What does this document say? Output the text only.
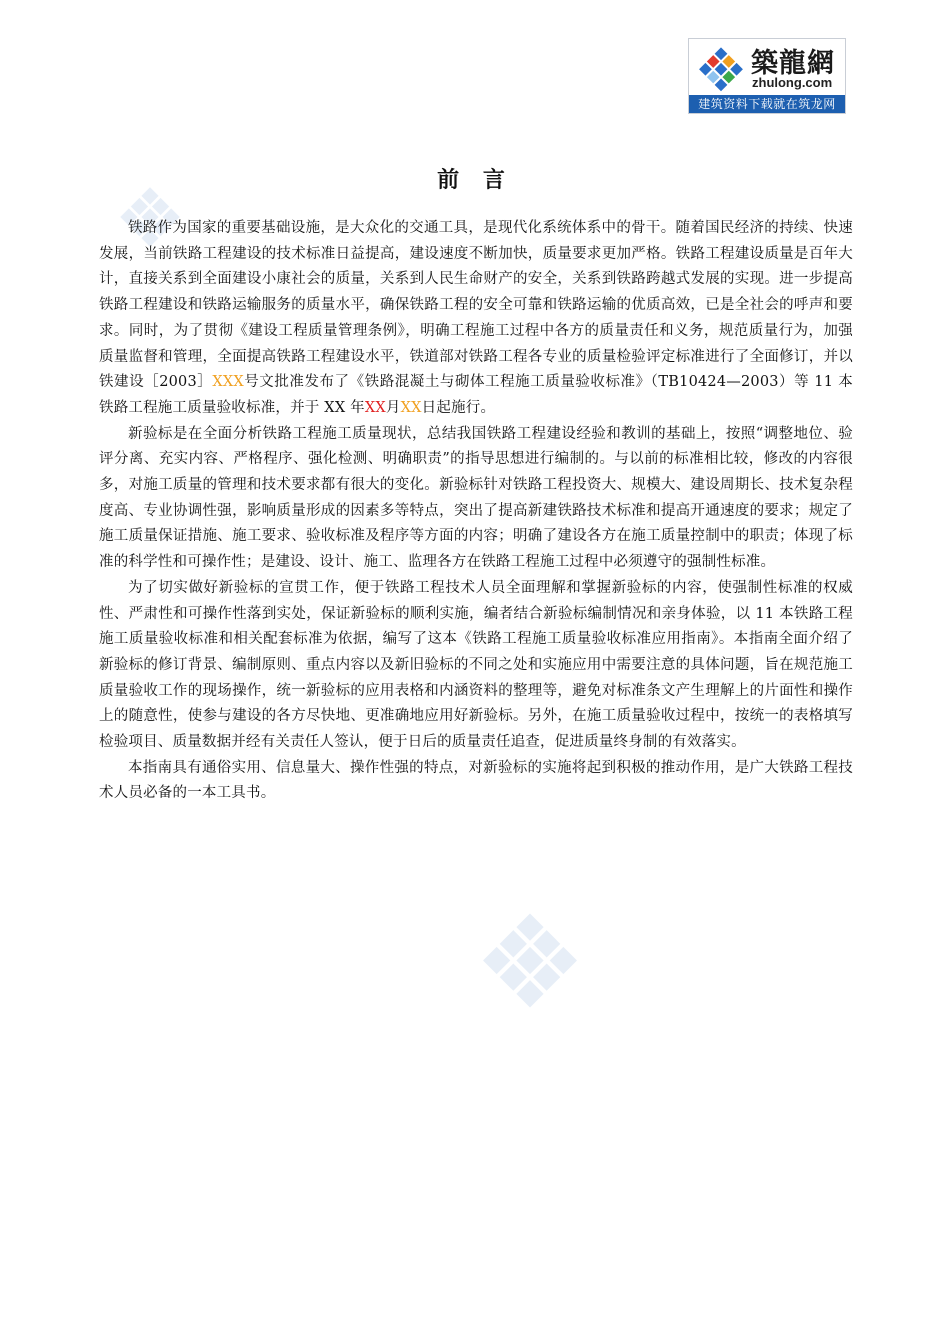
築龍網
zhulong.com
建筑资料下载就在筑龙网
前 言

铁路作为国家的重要基础设施，是大众化的交通工具，是现代化系统体系中的骨干。随着国民经济的持续、快速发展，当前铁路工程建设的技术标准日益提高，建设速度不断加快，质量要求更加严格。铁路工程建设质量是百年大计，直接关系到全面建设小康社会的质量，关系到人民生命财产的安全，关系到铁路跨越式发展的实现。进一步提高铁路工程建设和铁路运输服务的质量水平，确保铁路工程的安全可靠和铁路运输的优质高效，已是全社会的呼声和要求。同时，为了贯彻《建设工程质量管理条例》，明确工程施工过程中各方的质量责任和义务，规范质量行为，加强质量监督和管理，全面提高铁路工程建设水平，铁道部对铁路工程各专业的质量检验评定标准进行了全面修订，并以铁建设［2003］XXX号文批准发布了《铁路混凝土与砌体工程施工质量验收标准》（TB10424—2003）等 11 本铁路工程施工质量验收标准，并于 XX 年XX月XX日起施行。

新验标是在全面分析铁路工程施工质量现状，总结我国铁路工程建设经验和教训的基础上，按照“调整地位、验评分离、充实内容、严格程序、强化检测、明确职责”的指导思想进行编制的。与以前的标准相比较，修改的内容很多，对施工质量的管理和技术要求都有很大的变化。新验标针对铁路工程投资大、规模大、建设周期长、技术复杂程度高、专业协调性强，影响质量形成的因素多等特点，突出了提高新建铁路技术标准和提高开通速度的要求；规定了施工质量保证措施、施工要求、验收标准及程序等方面的内容；明确了建设各方在施工质量控制中的职责；体现了标准的科学性和可操作性；是建设、设计、施工、监理各方在铁路工程施工过程中必须遵守的强制性标准。

为了切实做好新验标的宣贯工作，便于铁路工程技术人员全面理解和掌握新验标的内容，使强制性标准的权威性、严肃性和可操作性落到实处，保证新验标的顺利实施，编者结合新验标编制情况和亲身体验，以 11 本铁路工程施工质量验收标准和相关配套标准为依据，编写了这本《铁路工程施工质量验收标准应用指南》。本指南全面介绍了新验标的修订背景、编制原则、重点内容以及新旧验标的不同之处和实施应用中需要注意的具体问题，旨在规范施工质量验收工作的现场操作，统一新验标的应用表格和内涵资料的整理等，避免对标准条文产生理解上的片面性和操作上的随意性，使参与建设的各方尽快地、更准确地应用好新验标。另外，在施工质量验收过程中，按统一的表格填写检验项目、质量数据并经有关责任人签认，便于日后的质量责任追查，促进质量终身制的有效落实。

本指南具有通俗实用、信息量大、操作性强的特点，对新验标的实施将起到积极的推动作用，是广大铁路工程技术人员必备的一本工具书。
